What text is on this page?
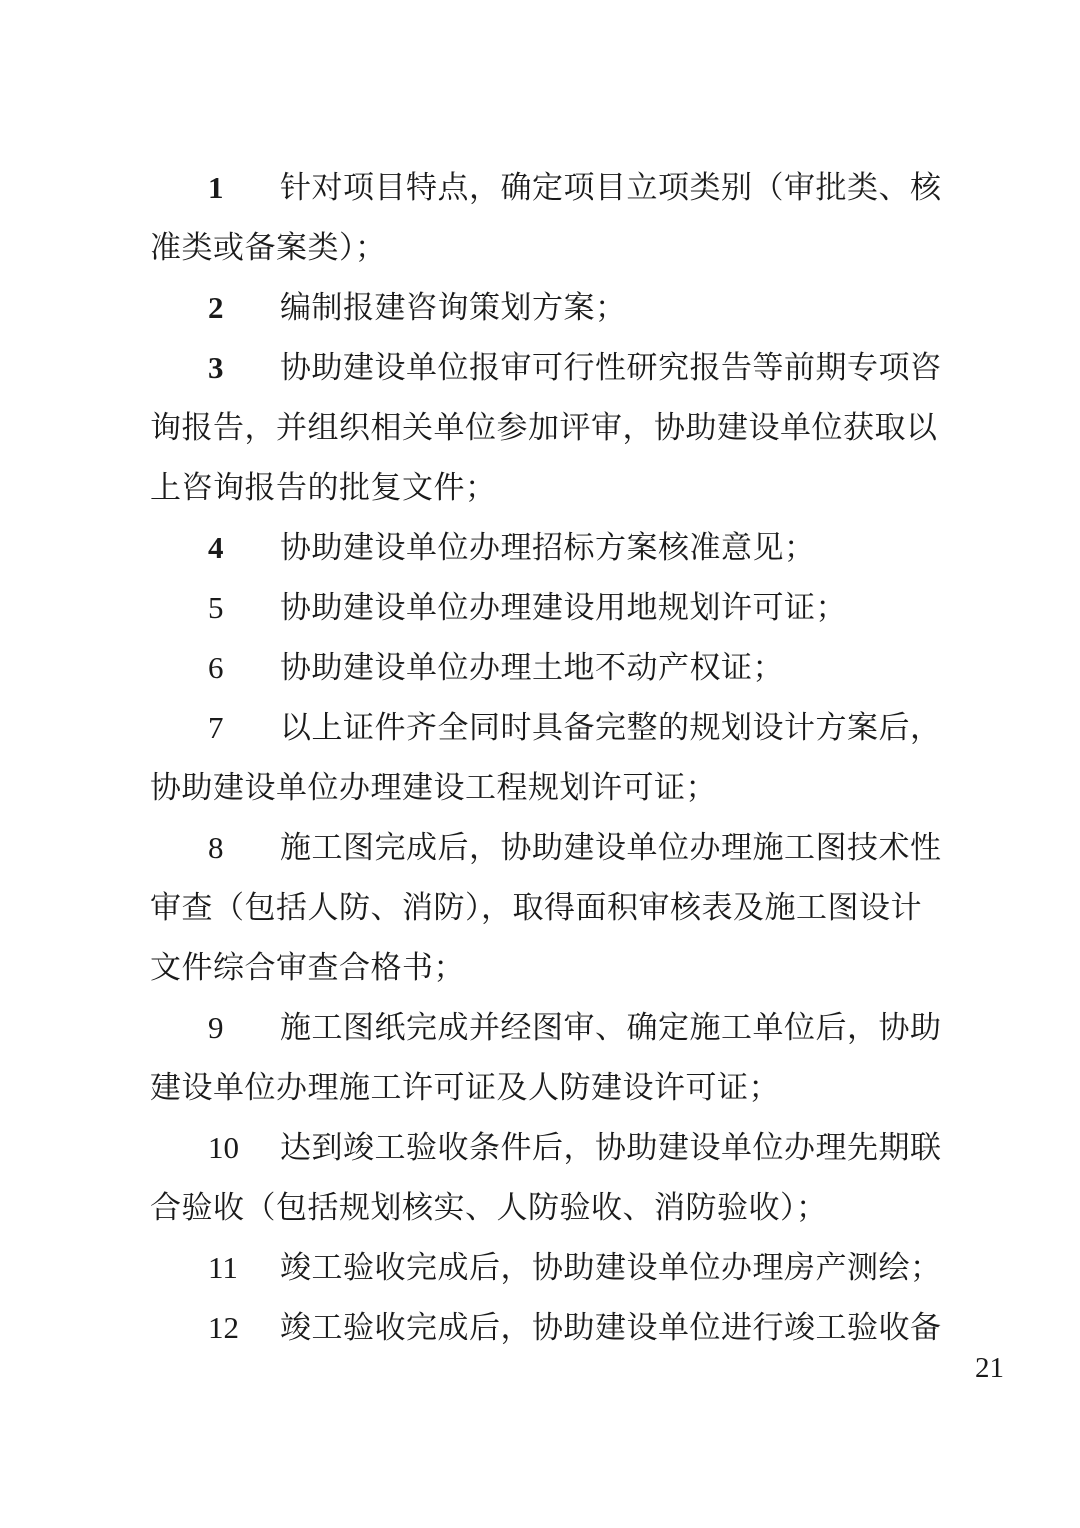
1 针对项目特点，确定项目立项类别（审批类、核
准类或备案类）；
2 编制报建咨询策划方案；
3 协助建设单位报审可行性研究报告等前期专项咨
询报告，并组织相关单位参加评审，协助建设单位获取以
上咨询报告的批复文件；
4 协助建设单位办理招标方案核准意见；
5 协助建设单位办理建设用地规划许可证；
6 协助建设单位办理土地不动产权证；
7 以上证件齐全同时具备完整的规划设计方案后，
协助建设单位办理建设工程规划许可证；
8 施工图完成后，协助建设单位办理施工图技术性
审查（包括人防、消防），取得面积审核表及施工图设计
文件综合审查合格书；
9 施工图纸完成并经图审、确定施工单位后，协助
建设单位办理施工许可证及人防建设许可证；
10 达到竣工验收条件后，协助建设单位办理先期联
合验收（包括规划核实、人防验收、消防验收）；
11 竣工验收完成后，协助建设单位办理房产测绘；
12 竣工验收完成后，协助建设单位进行竣工验收备
21
